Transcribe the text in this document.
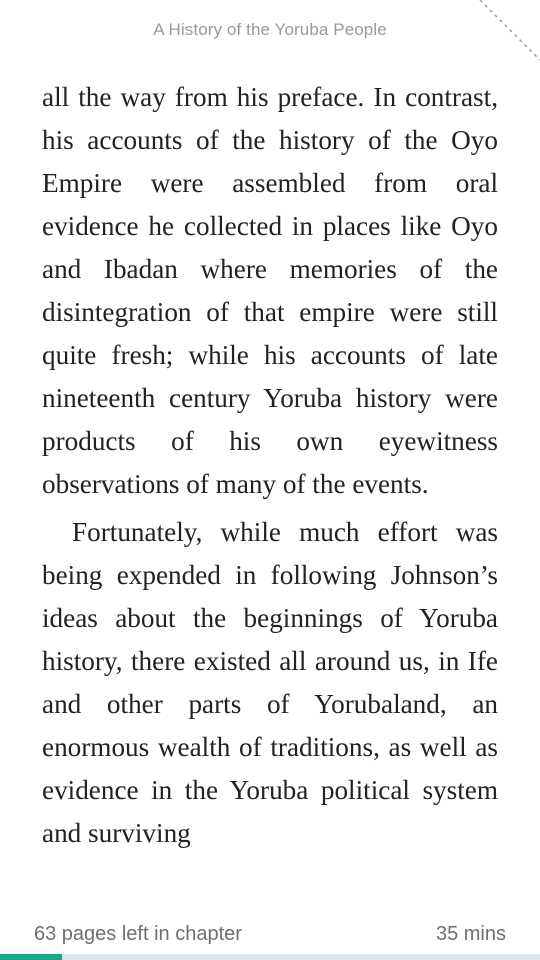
A History of the Yoruba People

all the way from his preface. In contrast, his accounts of the history of the Oyo Empire were assembled from oral evidence he collected in places like Oyo and Ibadan where memories of the disintegration of that empire were still quite fresh; while his accounts of late nineteenth century Yoruba history were products of his own eyewitness observations of many of the events.

Fortunately, while much effort was being expended in following Johnson’s ideas about the beginnings of Yoruba history, there existed all around us, in Ife and other parts of Yorubaland, an enormous wealth of traditions, as well as evidence in the Yoruba political system and surviving

63 pages left in chapter	35 mins
